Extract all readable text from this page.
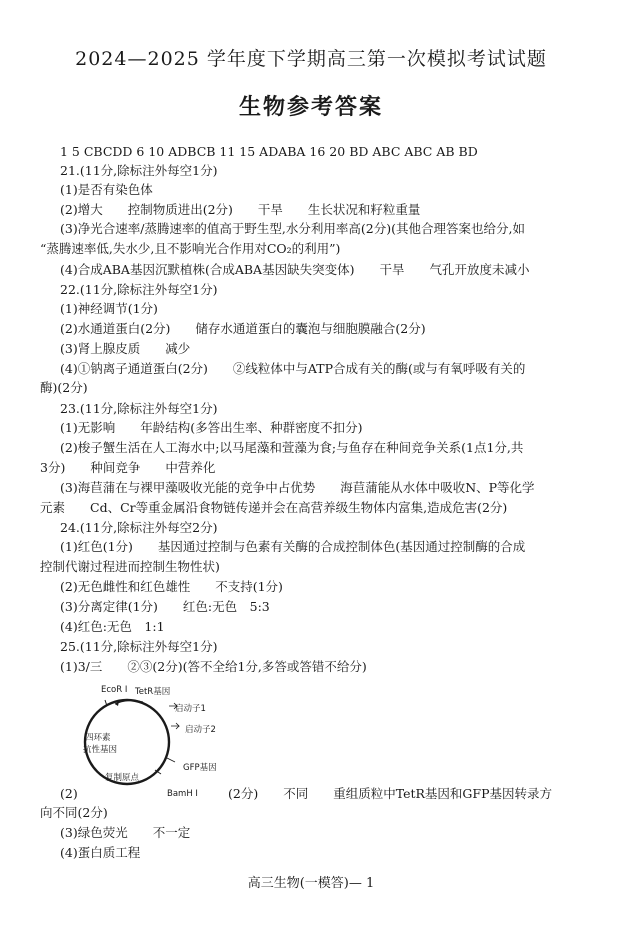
2024—2025 学年度下学期高三第一次模拟考试试题
生物参考答案
1 5 CBCDD 6 10 ADBCB 11 15 ADABA 16 20 BD ABC ABC AB BD
21.(11分,除标注外每空1分)
(1)是否有染色体
(2)增大　　控制物质进出(2分)　　干旱　　生长状况和籽粒重量
(3)净光合速率/蒸腾速率的值高于野生型,水分利用率高(2分)(其他合理答案也给分,如
“蒸腾速率低,失水少,且不影响光合作用对CO₂的利用”)
(4)合成ABA基因沉默植株(合成ABA基因缺失突变体)　　干旱　　气孔开放度未减小
22.(11分,除标注外每空1分)
(1)神经调节(1分)
(2)水通道蛋白(2分)　　储存水通道蛋白的囊泡与细胞膜融合(2分)
(3)肾上腺皮质　　减少
(4)①钠离子通道蛋白(2分)　　②线粒体中与ATP合成有关的酶(或与有氧呼吸有关的
酶)(2分)
23.(11分,除标注外每空1分)
(1)无影响　　年龄结构(多答出生率、种群密度不扣分)
(2)梭子蟹生活在人工海水中;以马尾藻和萱藻为食;与鱼存在种间竞争关系(1点1分,共
3分)　　种间竞争　　中营养化
(3)海苣蒲在与裸甲藻吸收光能的竞争中占优势　　海苣蒲能从水体中吸收N、P等化学
元素　　Cd、Cr等重金属沿食物链传递并会在高营养级生物体内富集,造成危害(2分)
24.(11分,除标注外每空2分)
(1)红色(1分)　　基因通过控制与色素有关酶的合成控制体色(基因通过控制酶的合成
控制代谢过程进而控制生物性状)
(2)无色雌性和红色雄性　　不支持(1分)
(3)分离定律(1分)　　红色:无色　5:3
(4)红色:无色　1:1
25.(11分,除标注外每空1分)
(1)3/三　　②③(2分)(答不全给1分,多答或答错不给分)
EcoR Ⅰ TetR基因
启动子1
启动子2
GFP基因
BamH Ⅰ
四环素
抗性基因
复制原点
(2)	(2分)　　不同　　重组质粒中TetR基因和GFP基因转录方
向不同(2分)
(3)绿色荧光　　不一定
(4)蛋白质工程
高三生物(一模答)— 1
